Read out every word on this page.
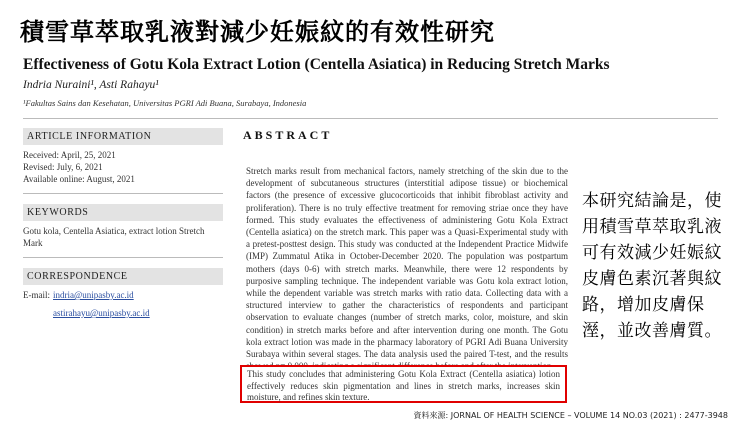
積雪草萃取乳液對減少妊娠紋的有效性研究
Effectiveness of Gotu Kola Extract Lotion (Centella Asiatica) in Reducing Stretch Marks
Indria Nuraini¹, Asti Rahayu¹
¹Fakultas Sains dan Kesehatan, Universitas PGRI Adi Buana, Surabaya, Indonesia
ARTICLE INFORMATION
Received: April, 25, 2021
Revised: July, 6, 2021
Available online: August, 2021
KEYWORDS
Gotu kola, Centella Asiatica, extract lotion Stretch Mark
CORRESPONDENCE
E-mail: indria@unipasby.ac.id
astirahayu@unipasby.ac.id
ABSTRACT

Stretch marks result from mechanical factors, namely stretching of the skin due to the development of subcutaneous structures (interstitial adipose tissue) or biochemical factors (the presence of excessive glucocorticoids that inhibit fibroblast activity and proliferation). There is no truly effective treatment for removing striae once they have formed. This study evaluates the effectiveness of administering Gotu Kola Extract (Centella asiatica) on the stretch mark. This paper was a Quasi-Experimental study with a pretest-posttest design. This study was conducted at the Independent Practice Midwife (IMP) Zummatul Atika in October-December 2020. The population was postpartum mothers (days 0-6) with stretch marks. Meanwhile, there were 12 respondents by purposive sampling technique. The independent variable was Gotu kola extract lotion, while the dependent variable was stretch marks with ratio data. Collecting data with a structured interview to gather the characteristics of respondents and participant observation to evaluate changes (number of stretch marks, color, moisture, and skin condition) in stretch marks before and after intervention during one month. The Gotu kola extract lotion was made in the pharmacy laboratory of PGRI Adi Buana University Surabaya within several stages. The data analysis used the paired T-test, and the results

This study concludes that administering Gotu Kola Extract (Centella asiatica) lotion effectively reduces skin pigmentation and lines in stretch marks, increases skin moisture, and refines skin texture.
本研究結論是，使用積雪草萃取乳液可有效減少妊娠紋皮膚色素沉著與紋路，增加皮膚保溼，並改善膚質。
資料來源: JORNAL OF HEALTH SCIENCE – VOLUME 14 NO.03 (2021) : 2477-3948
